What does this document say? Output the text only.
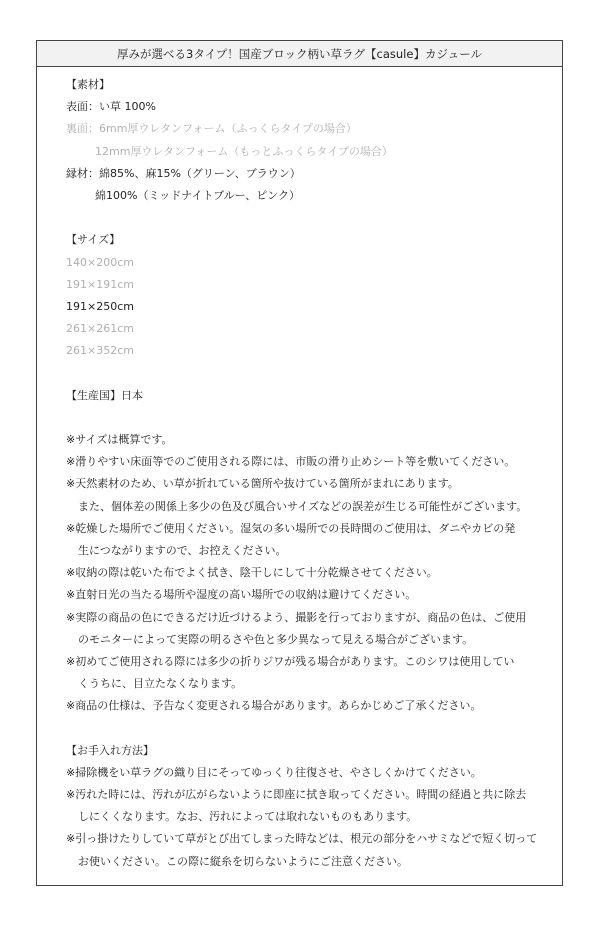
厚みが選べる3タイプ！国産ブロック柄い草ラグ【casule】カジュール
【素材】
表面：い草 100%
裏面：6mm厚ウレタンフォーム（ふっくらタイプの場合）
12mm厚ウレタンフォーム（もっとふっくらタイプの場合）
縁材：綿85%、麻15%（グリーン、ブラウン）
綿100%（ミッドナイトブルー、ピンク）
【サイズ】
140×200cm
191×191cm
191×250cm
261×261cm
261×352cm
【生産国】日本
※サイズは概算です。
※滑りやすい床面等でのご使用される際には、市販の滑り止めシート等を敷いてください。
※天然素材のため、い草が折れている箇所や抜けている箇所がまれにあります。
また、個体差の関係上多少の色及び風合いサイズなどの誤差が生じる可能性がございます。
※乾燥した場所でご使用ください。湿気の多い場所での長時間のご使用は、ダニやカビの発
生につながりますので、お控えください。
※収納の際は乾いた布でよく拭き、陰干しにして十分乾燥させてください。
※直射日光の当たる場所や湿度の高い場所での収納は避けてください。
※実際の商品の色にできるだけ近づけるよう、撮影を行っておりますが、商品の色は、ご使用
のモニターによって実際の明るさや色と多少異なって見える場合がございます。
※初めてご使用される際には多少の折りジワが残る場合があります。このシワは使用してい
くうちに、目立たなくなります。
※商品の仕様は、予告なく変更される場合があります。あらかじめご了承ください。
【お手入れ方法】
※掃除機をい草ラグの織り目にそってゆっくり往復させ、やさしくかけてください。
※汚れた時には、汚れが広がらないように即座に拭き取ってください。時間の経過と共に除去
しにくくなります。なお、汚れによっては取れないものもあります。
※引っ掛けたりしていて草がとび出てしまった時などは、根元の部分をハサミなどで短く切って
お使いください。この際に縦糸を切らないようにご注意ください。
